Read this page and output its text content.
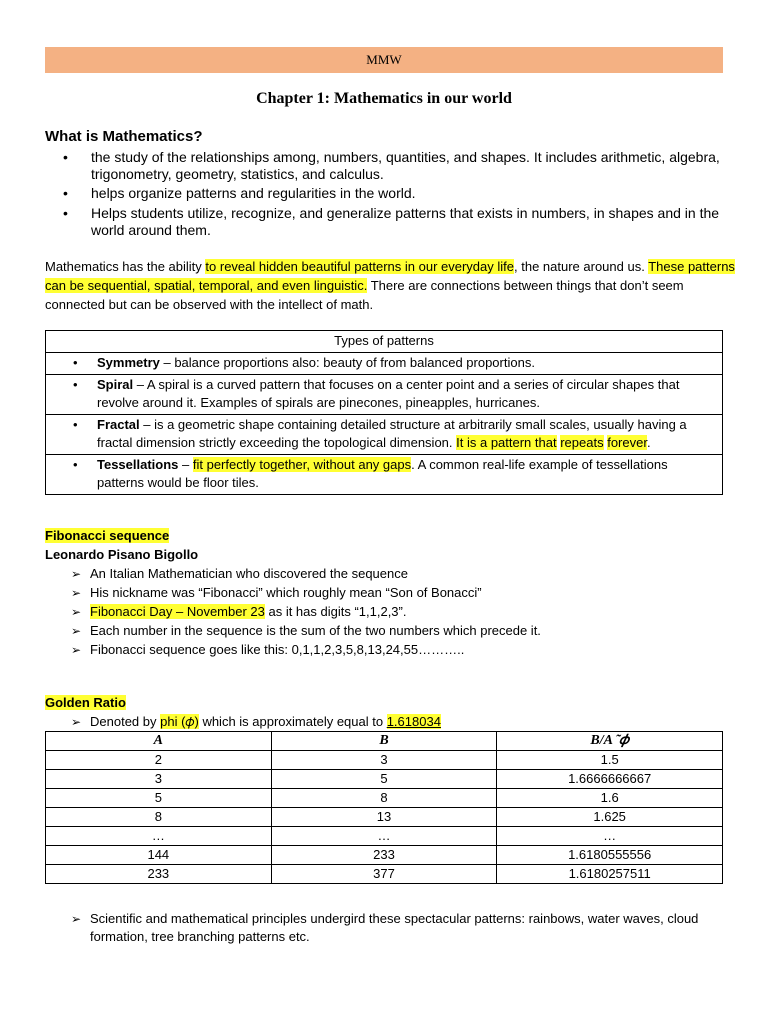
MMW
Chapter 1: Mathematics in our world
What is Mathematics?
• the study of the relationships among, numbers, quantities, and shapes. It includes arithmetic, algebra, trigonometry, geometry, statistics, and calculus.
• helps organize patterns and regularities in the world.
• Helps students utilize, recognize, and generalize patterns that exists in numbers, in shapes and in the world around them.
Mathematics has the ability to reveal hidden beautiful patterns in our everyday life, the nature around us. These patterns can be sequential, spatial, temporal, and even linguistic. There are connections between things that don’t seem connected but can be observed with the intellect of math.
Types of patterns

• Symmetry – balance proportions also: beauty of from balanced proportions.

• Spiral – A spiral is a curved pattern that focuses on a center point and a series of circular shapes that revolve around it. Examples of spirals are pinecones, pineapples, hurricanes.

• Fractal – is a geometric shape containing detailed structure at arbitrarily small scales, usually having a fractal dimension strictly exceeding the topological dimension. It is a pattern that repeats forever.

• Tessellations – fit perfectly together, without any gaps. A common real-life example of tessellations patterns would be floor tiles.
Fibonacci sequence
Leonardo Pisano Bigollo
➢ An Italian Mathematician who discovered the sequence
➢ His nickname was “Fibonacci” which roughly mean “Son of Bonacci”
➢ Fibonacci Day – November 23 as it has digits “1,1,2,3”.
➢ Each number in the sequence is the sum of the two numbers which precede it.
➢ Fibonacci sequence goes like this: 0,1,1,2,3,5,8,13,24,55………..
Golden Ratio
➢ Denoted by phi (𝜙) which is approximately equal to 1.618034
A	B	B/A ̃ 𝜙
2	3	1.5
3	5	1.6666666667
5	8	1.6
8	13	1.625
…	…	…
144	233	1.6180555556
233	377	1.6180257511
➢ Scientific and mathematical principles undergird these spectacular patterns: rainbows, water waves, cloud formation, tree branching patterns etc.
